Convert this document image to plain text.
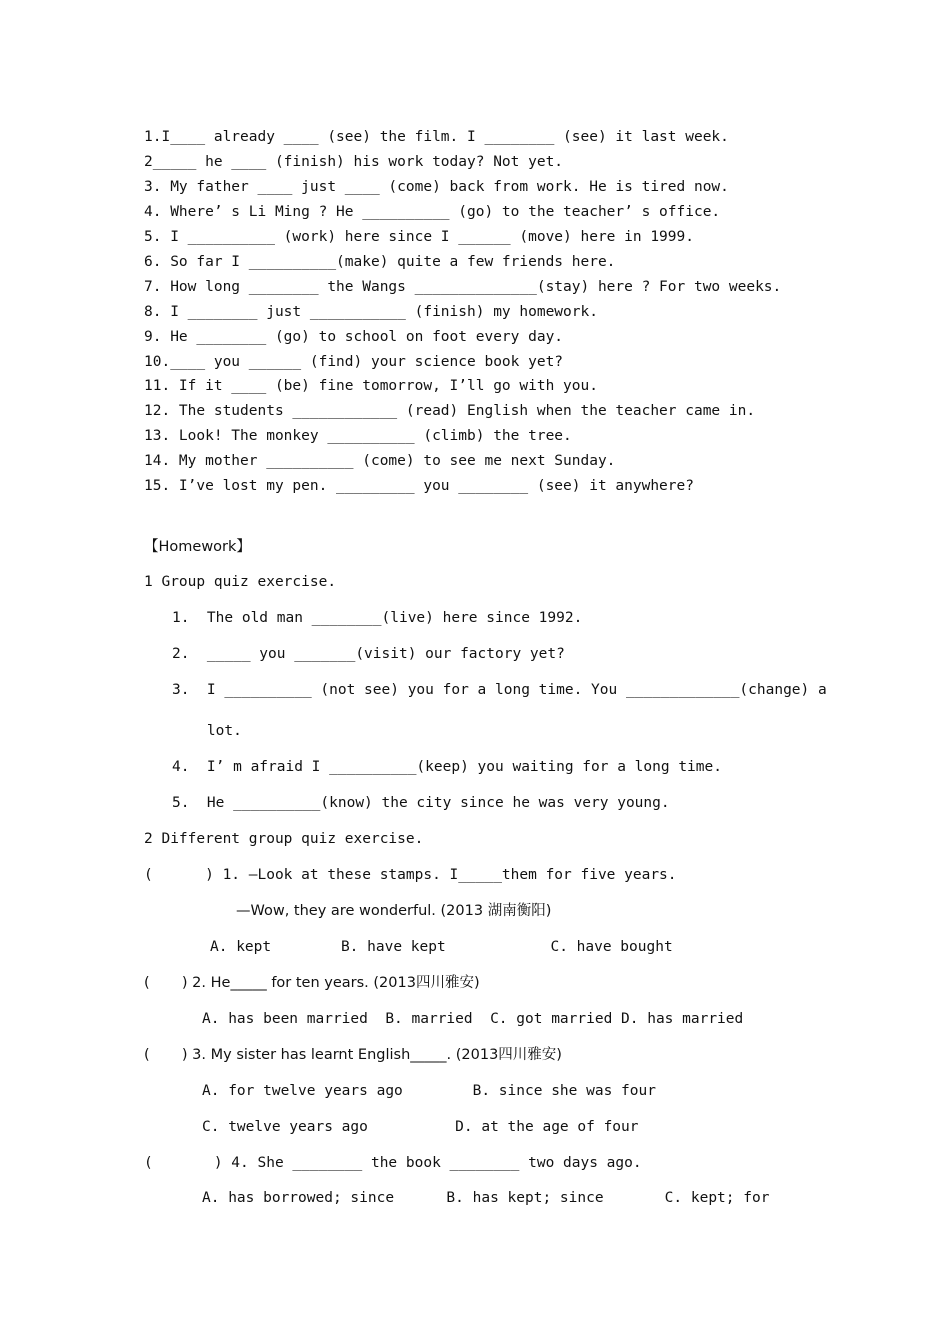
1.I____ already ____ (see) the film. I ________ (see) it last week.
2_____ he ____ (finish) his work today? Not yet.
3. My father ____ just ____ (come) back from work. He is tired now.
4. Where’ s Li Ming ? He __________ (go) to the teacher’ s office.
5. I __________ (work) here since I ______ (move) here in 1999.
6. So far I __________(make) quite a few friends here.
7. How long ________ the Wangs ______________(stay) here ? For two weeks.
8. I ________ just ___________ (finish) my homework.
9. He ________ (go) to school on foot every day.
10.____ you ______ (find) your science book yet?
11. If it ____ (be) fine tomorrow, I’ll go with you.
12. The students ____________ (read) English when the teacher came in.
13. Look! The monkey __________ (climb) the tree.
14. My mother __________ (come) to see me next Sunday.
15. I’ve lost my pen. _________ you ________ (see) it anywhere?
【Homework】
1 Group quiz exercise.
1.  The old man ________(live) here since 1992.
2.  _____ you _______(visit) our factory yet?
3.  I __________ (not see) you for a long time. You _____________(change) a
lot.
4.  I’ m afraid I __________(keep) you waiting for a long time.
5.  He __________(know) the city since he was very young.
2 Different group quiz exercise.
(      ) 1. —Look at these stamps. I_____them for five years.
—Wow, they are wonderful. (2013 湖南衡阳)
A. kept        B. have kept            C. have bought
(       ) 2. He_____ for ten years. (2013四川雅安)
A. has been married  B. married  C. got married D. has married
(       ) 3. My sister has learnt English_____. (2013四川雅安)
A. for twelve years ago        B. since she was four
C. twelve years ago          D. at the age of four
(       ) 4. She ________ the book ________ two days ago.
A. has borrowed; since      B. has kept; since       C. kept; for
